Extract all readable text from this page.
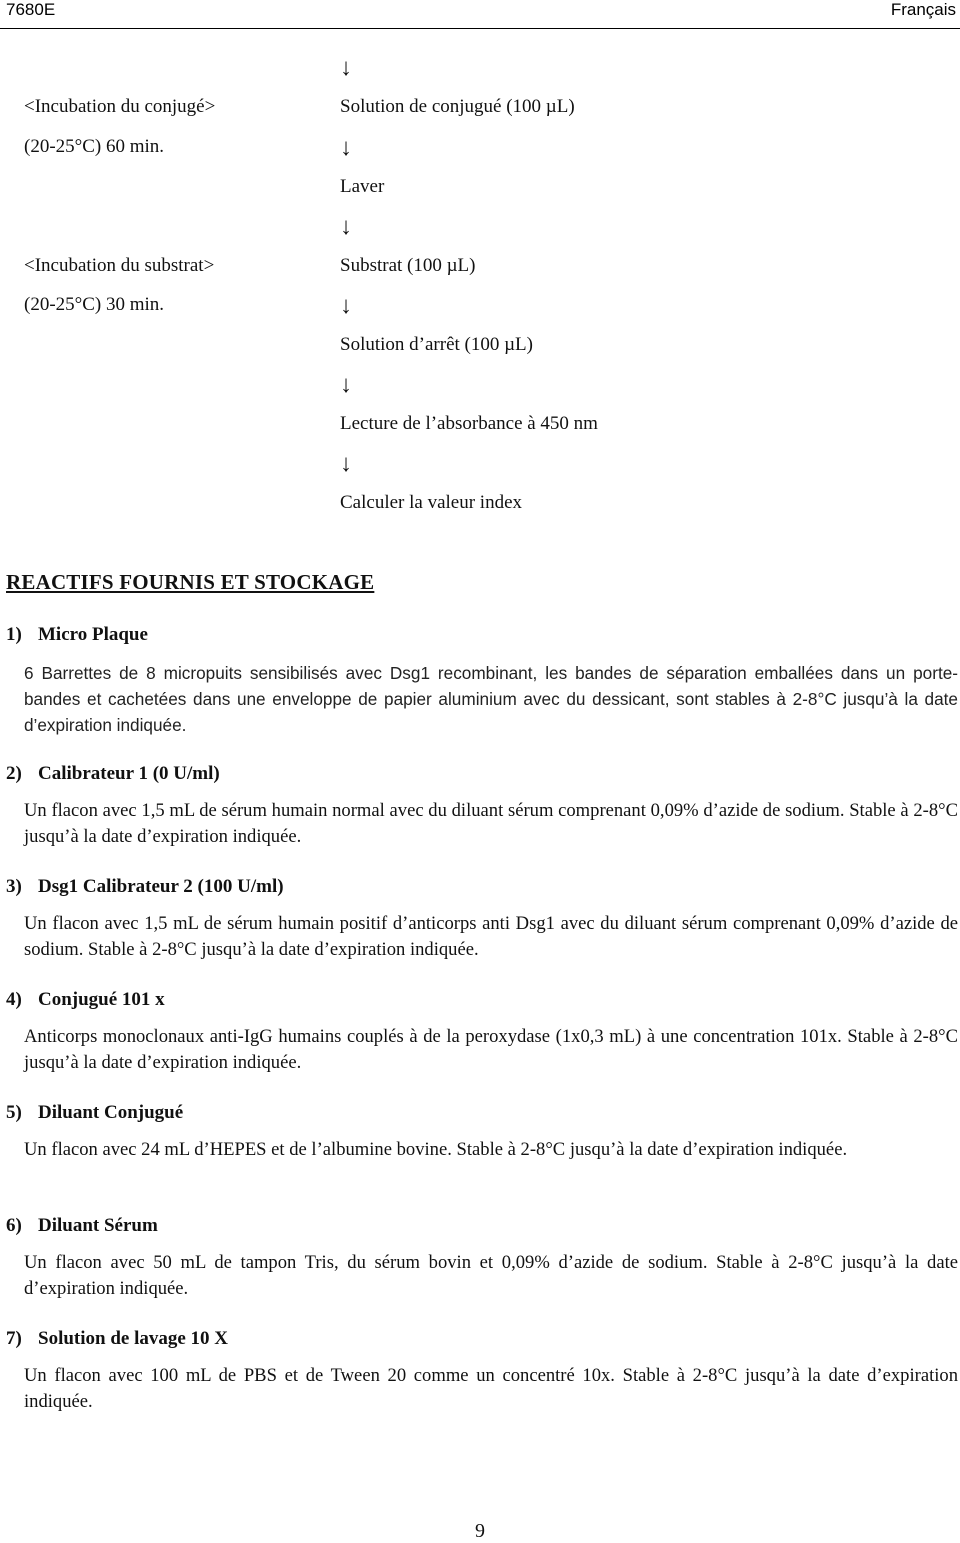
7680E	Français
↓
<Incubation du conjugé>	Solution de conjugué (100 µL)
(20-25°C) 60 min.	↓
Laver
↓
<Incubation du substrat>	Substrat (100 µL)
(20-25°C) 30 min.	↓
Solution d’arrêt (100 µL)
↓
Lecture de l’absorbance à 450 nm
↓
Calculer la valeur index
REACTIFS FOURNIS ET STOCKAGE
1) Micro Plaque
6 Barrettes de 8 micropuits sensibilisés avec Dsg1 recombinant, les bandes de séparation emballées dans un porte-bandes et cachetées dans une enveloppe de papier aluminium avec du dessicant, sont stables à 2-8°C jusqu’à la date d’expiration indiquée.
2) Calibrateur 1 (0 U/ml)
Un flacon avec 1,5 mL de sérum humain normal avec du diluant sérum comprenant 0,09% d’azide de sodium. Stable à 2-8°C jusqu’à la date d’expiration indiquée.
3) Dsg1 Calibrateur 2 (100 U/ml)
Un flacon avec 1,5 mL de sérum humain positif d’anticorps anti Dsg1 avec du diluant sérum comprenant 0,09% d’azide de sodium. Stable à 2-8°C jusqu’à la date d’expiration indiquée.
4) Conjugué 101 x
Anticorps monoclonaux anti-IgG humains couplés à de la peroxydase (1x0,3 mL) à une concentration 101x. Stable à 2-8°C jusqu’à la date d’expiration indiquée.
5) Diluant Conjugué
Un flacon avec 24 mL d’HEPES et de l’albumine bovine. Stable à 2-8°C jusqu’à la date d’expiration indiquée.
6) Diluant Sérum
Un flacon avec 50 mL de tampon Tris, du sérum bovin et 0,09% d’azide de sodium. Stable à 2-8°C jusqu’à la date d’expiration indiquée.
7) Solution de lavage 10 X
Un flacon avec 100 mL de PBS et de Tween 20 comme un concentré 10x. Stable à 2-8°C jusqu’à la date d’expiration indiquée.
9
